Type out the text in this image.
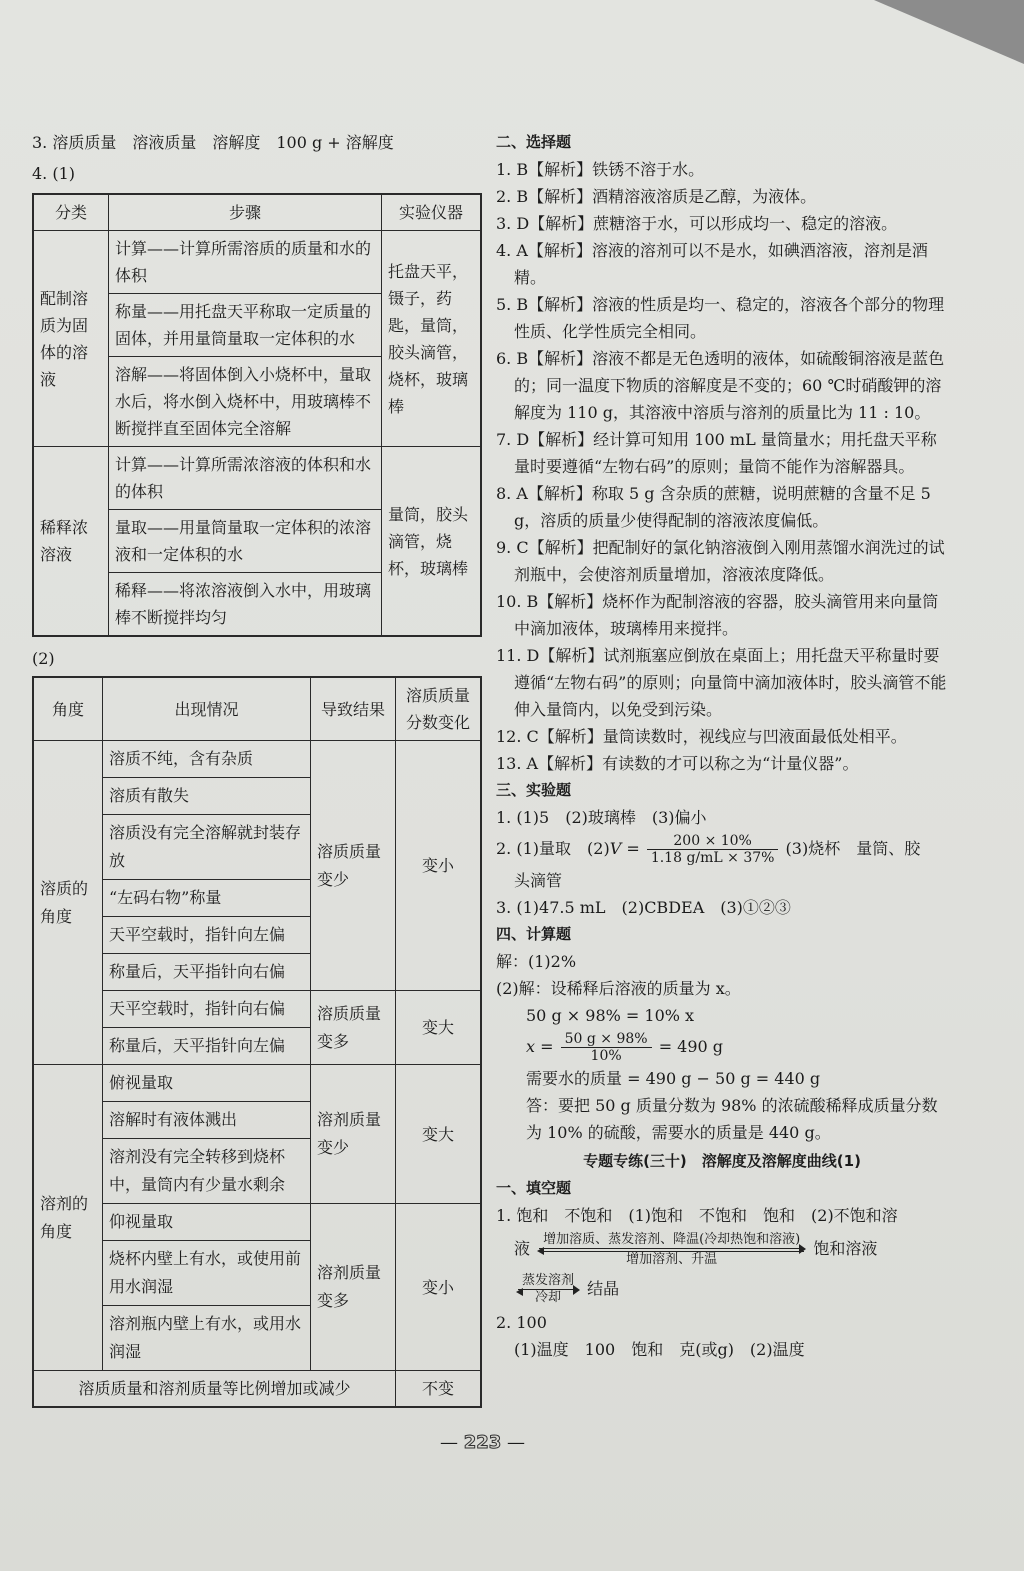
3. 溶质质量　溶液质量　溶解度　100 g + 溶解度
4. (1)
分类	步骤	实验仪器
配制溶质为固体的溶液	计算——计算所需溶质的质量和水的体积	托盘天平，镊子，药匙，量筒，胶头滴管，烧杯，玻璃棒
	称量——用托盘天平称取一定质量的固体，并用量筒量取一定体积的水	
	溶解——将固体倒入小烧杯中，量取水后，将水倒入烧杯中，用玻璃棒不断搅拌直至固体完全溶解	
稀释浓溶液	计算——计算所需浓溶液的体积和水的体积	量筒，胶头滴管，烧杯，玻璃棒
	量取——用量筒量取一定体积的浓溶液和一定体积的水	
	稀释——将浓溶液倒入水中，用玻璃棒不断搅拌均匀	
(2)
角度	出现情况	导致结果	溶质质量分数变化
溶质的角度	溶质不纯，含有杂质	溶质质量变少	变小
	溶质有散失		
	溶质没有完全溶解就封装存放		
	“左码右物”称量		
	天平空载时，指针向左偏		
	称量后，天平指针向右偏		
	天平空载时，指针向右偏	溶质质量变多	变大
	称量后，天平指针向左偏		
溶剂的角度	俯视量取	溶剂质量变少	变大
	溶解时有液体溅出		
	溶剂没有完全转移到烧杯中，量筒内有少量水剩余		
	仰视量取	溶剂质量变多	变小
	烧杯内壁上有水，或使用前用水润湿		
	溶剂瓶内壁上有水，或用水润湿		
溶质质量和溶剂质量等比例增加或减少			不变
二、选择题
1. B【解析】铁锈不溶于水。
2. B【解析】酒精溶液溶质是乙醇，为液体。
3. D【解析】蔗糖溶于水，可以形成均一、稳定的溶液。
4. A【解析】溶液的溶剂可以不是水，如碘酒溶液，溶剂是酒精。
5. B【解析】溶液的性质是均一、稳定的，溶液各个部分的物理性质、化学性质完全相同。
6. B【解析】溶液不都是无色透明的液体，如硫酸铜溶液是蓝色的；同一温度下物质的溶解度是不变的；60 ℃时硝酸钾的溶解度为 110 g，其溶液中溶质与溶剂的质量比为 11 : 10。
7. D【解析】经计算可知用 100 mL 量筒量水；用托盘天平称量时要遵循“左物右码”的原则；量筒不能作为溶解器具。
8. A【解析】称取 5 g 含杂质的蔗糖，说明蔗糖的含量不足 5 g，溶质的质量少使得配制的溶液浓度偏低。
9. C【解析】把配制好的氯化钠溶液倒入刚用蒸馏水润洗过的试剂瓶中，会使溶剂质量增加，溶液浓度降低。
10. B【解析】烧杯作为配制溶液的容器，胶头滴管用来向量筒中滴加液体，玻璃棒用来搅拌。
11. D【解析】试剂瓶塞应倒放在桌面上；用托盘天平称量时要遵循“左物右码”的原则；向量筒中滴加液体时，胶头滴管不能伸入量筒内，以免受到污染。
12. C【解析】量筒读数时，视线应与凹液面最低处相平。
13. A【解析】有读数的才可以称之为“计量仪器”。
三、实验题
1. (1)5　(2)玻璃棒　(3)偏小
2. (1)量取　$(2)V = \frac{200 \times 10\%}{1.18 g/mL \times 37\%} (3)$烧杯　量筒、胶
头滴管
3. (1)47.5 mL　(2)CBDEA　(3)①②③
四、计算题
解：(1)2%
(2)解：设稀释后溶液的质量为 x。
50 g × 98% = 10% x
$x = \frac{50 g \times 98\%}{10\%} = 490$ g
需要水的质量 = 490 g − 50 g = 440 g
答：要把 50 g 质量分数为 98% 的浓硫酸稀释成质量分数为 10% 的硫酸，需要水的质量是 440 g。
专题专练(三十)　溶解度及溶解度曲线(1)
一、填空题
1. 饱和　不饱和　(1)饱和　不饱和　饱和　(2)不饱和溶
液	增加溶质、蒸发溶剂、降温(冷却热饱和溶液)
增加溶剂、升温
饱和溶液
蒸发溶剂
冷却	结晶
2. 100
(1)温度　100　饱和　克(或g)　(2)温度
— 223 —
